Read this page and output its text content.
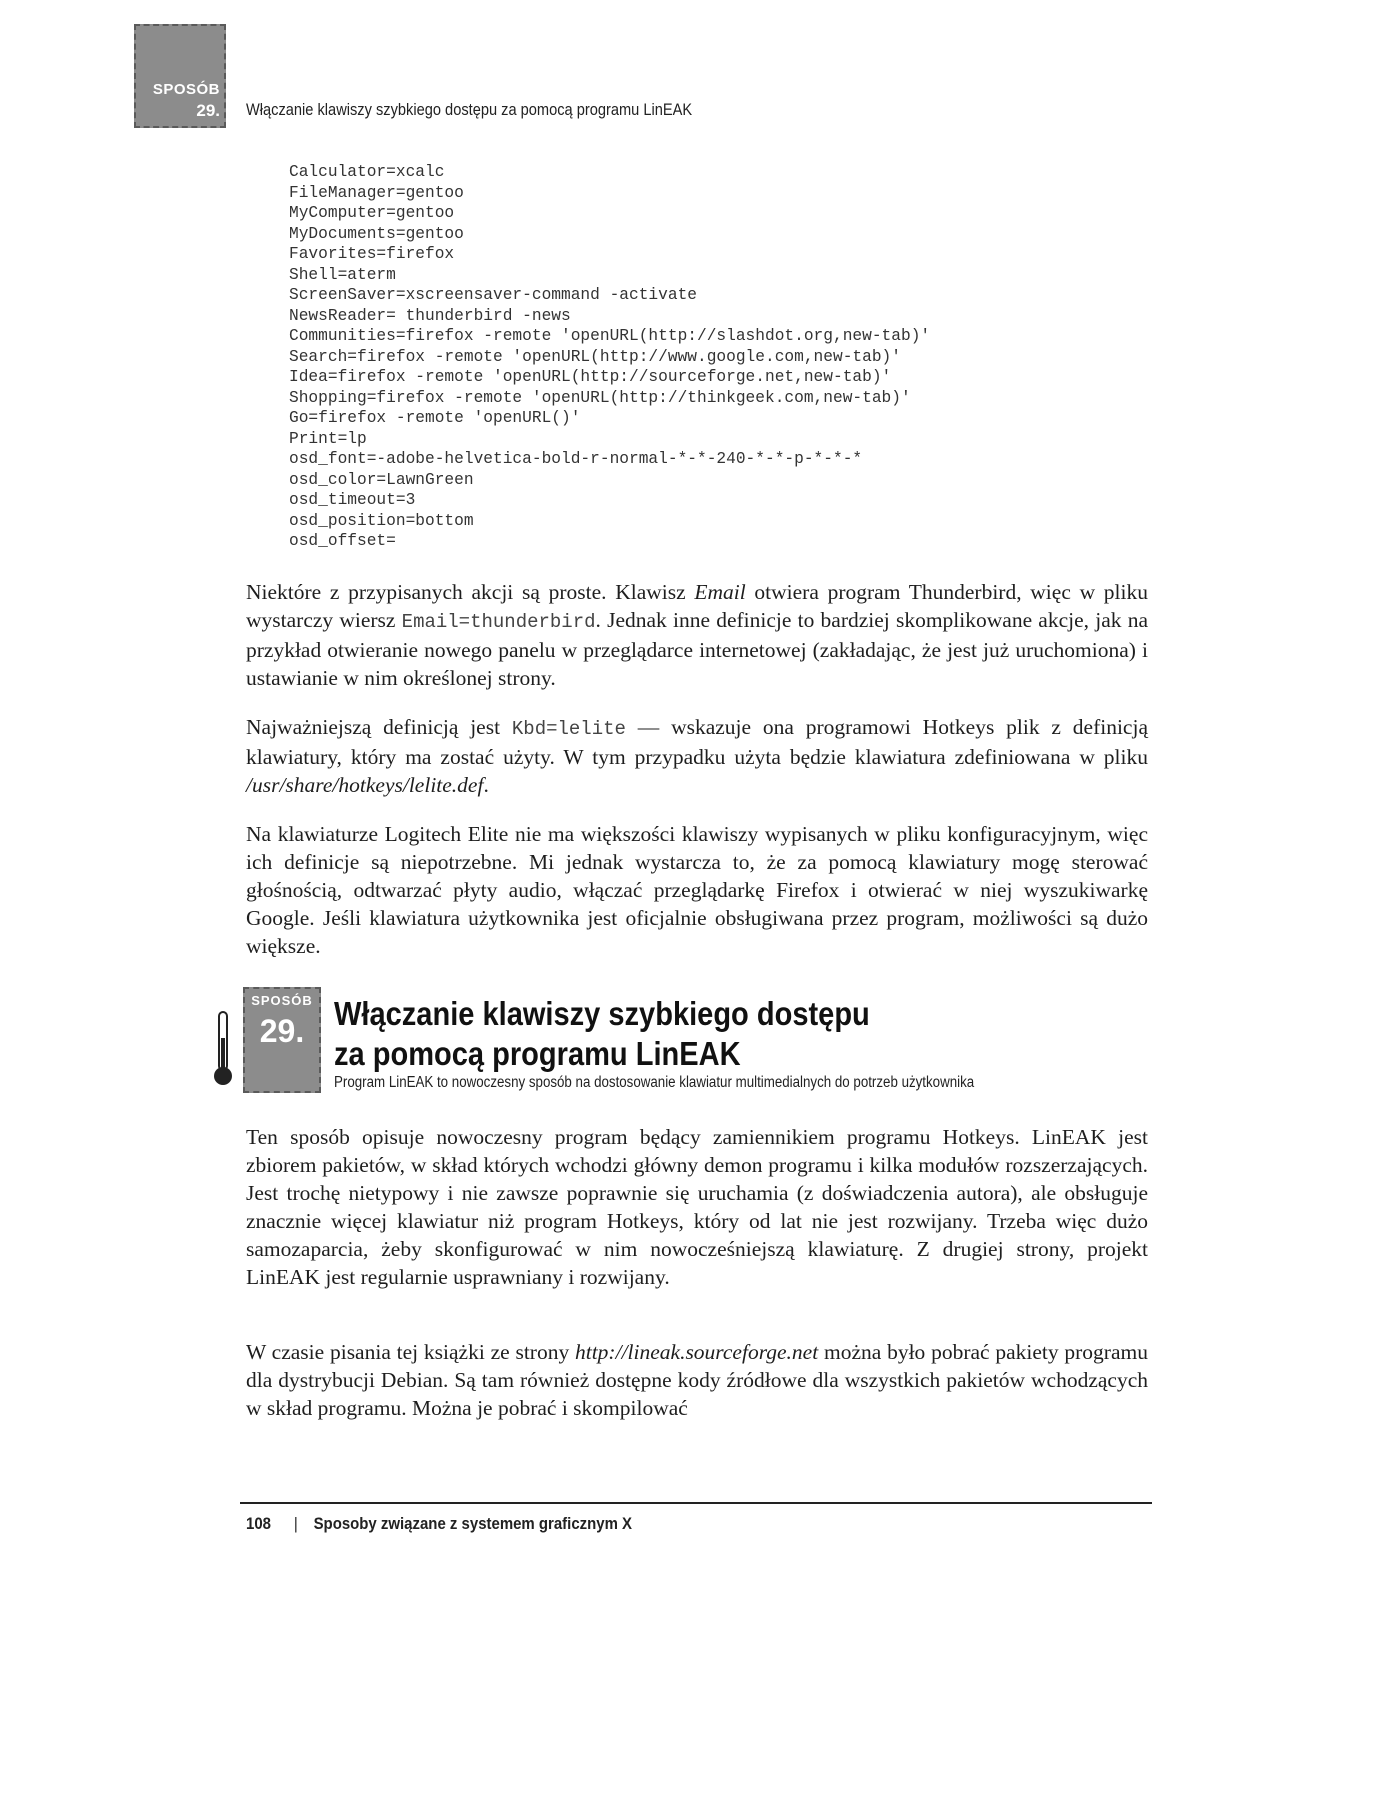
SPOSÓB
29. Włączanie klawiszy szybkiego dostępu za pomocą programu LinEAK
Calculator=xcalc
FileManager=gentoo
MyComputer=gentoo
MyDocuments=gentoo
Favorites=firefox
Shell=aterm
ScreenSaver=xscreensaver-command -activate
NewsReader= thunderbird -news
Communities=firefox -remote 'openURL(http://slashdot.org,new-tab)'
Search=firefox -remote 'openURL(http://www.google.com,new-tab)'
Idea=firefox -remote 'openURL(http://sourceforge.net,new-tab)'
Shopping=firefox -remote 'openURL(http://thinkgeek.com,new-tab)'
Go=firefox -remote 'openURL()'
Print=lp
osd_font=-adobe-helvetica-bold-r-normal-*-*-240-*-*-p-*-*-*
osd_color=LawnGreen
osd_timeout=3
osd_position=bottom
osd_offset=

Niektóre z przypisanych akcji są proste. Klawisz Email otwiera program Thunderbird, więc w pliku wystarczy wiersz Email=thunderbird. Jednak inne definicje to bardziej skomplikowane akcje, jak na przykład otwieranie nowego panelu w przeglądarce internetowej (zakładając, że jest już uruchomiona) i ustawianie w nim określonej strony.

Najważniejszą definicją jest Kbd=lelite — wskazuje ona programowi Hotkeys plik z definicją klawiatury, który ma zostać użyty. W tym przypadku użyta będzie klawiatura zdefiniowana w pliku /usr/share/hotkeys/lelite.def.

Na klawiaturze Logitech Elite nie ma większości klawiszy wypisanych w pliku konfiguracyjnym, więc ich definicje są niepotrzebne. Mi jednak wystarcza to, że za pomocą klawiatury mogę sterować głośnością, odtwarzać płyty audio, włączać przeglądarkę Firefox i otwierać w niej wyszukiwarkę Google. Jeśli klawiatura użytkownika jest oficjalnie obsługiwana przez program, możliwości są dużo większe.

SPOSÓB
29. Włączanie klawiszy szybkiego dostępu
za pomocą programu LinEAK
Program LinEAK to nowoczesny sposób na dostosowanie klawiatur multimedialnych do potrzeb użytkownika

Ten sposób opisuje nowoczesny program będący zamiennikiem programu Hotkeys. LinEAK jest zbiorem pakietów, w skład których wchodzi główny demon programu i kilka modułów rozszerzających. Jest trochę nietypowy i nie zawsze poprawnie się uruchamia (z doświadczenia autora), ale obsługuje znacznie więcej klawiatur niż program Hotkeys, który od lat nie jest rozwijany. Trzeba więc dużo samozaparcia, żeby skonfigurować w nim nowocześniejszą klawiaturę. Z drugiej strony, projekt LinEAK jest regularnie usprawniany i rozwijany.

W czasie pisania tej książki ze strony http://lineak.sourceforge.net można było pobrać pakiety programu dla dystrybucji Debian. Są tam również dostępne kody źródłowe dla wszystkich pakietów wchodzących w skład programu. Można je pobrać i skompilować

108 | Sposoby związane z systemem graficznym X
